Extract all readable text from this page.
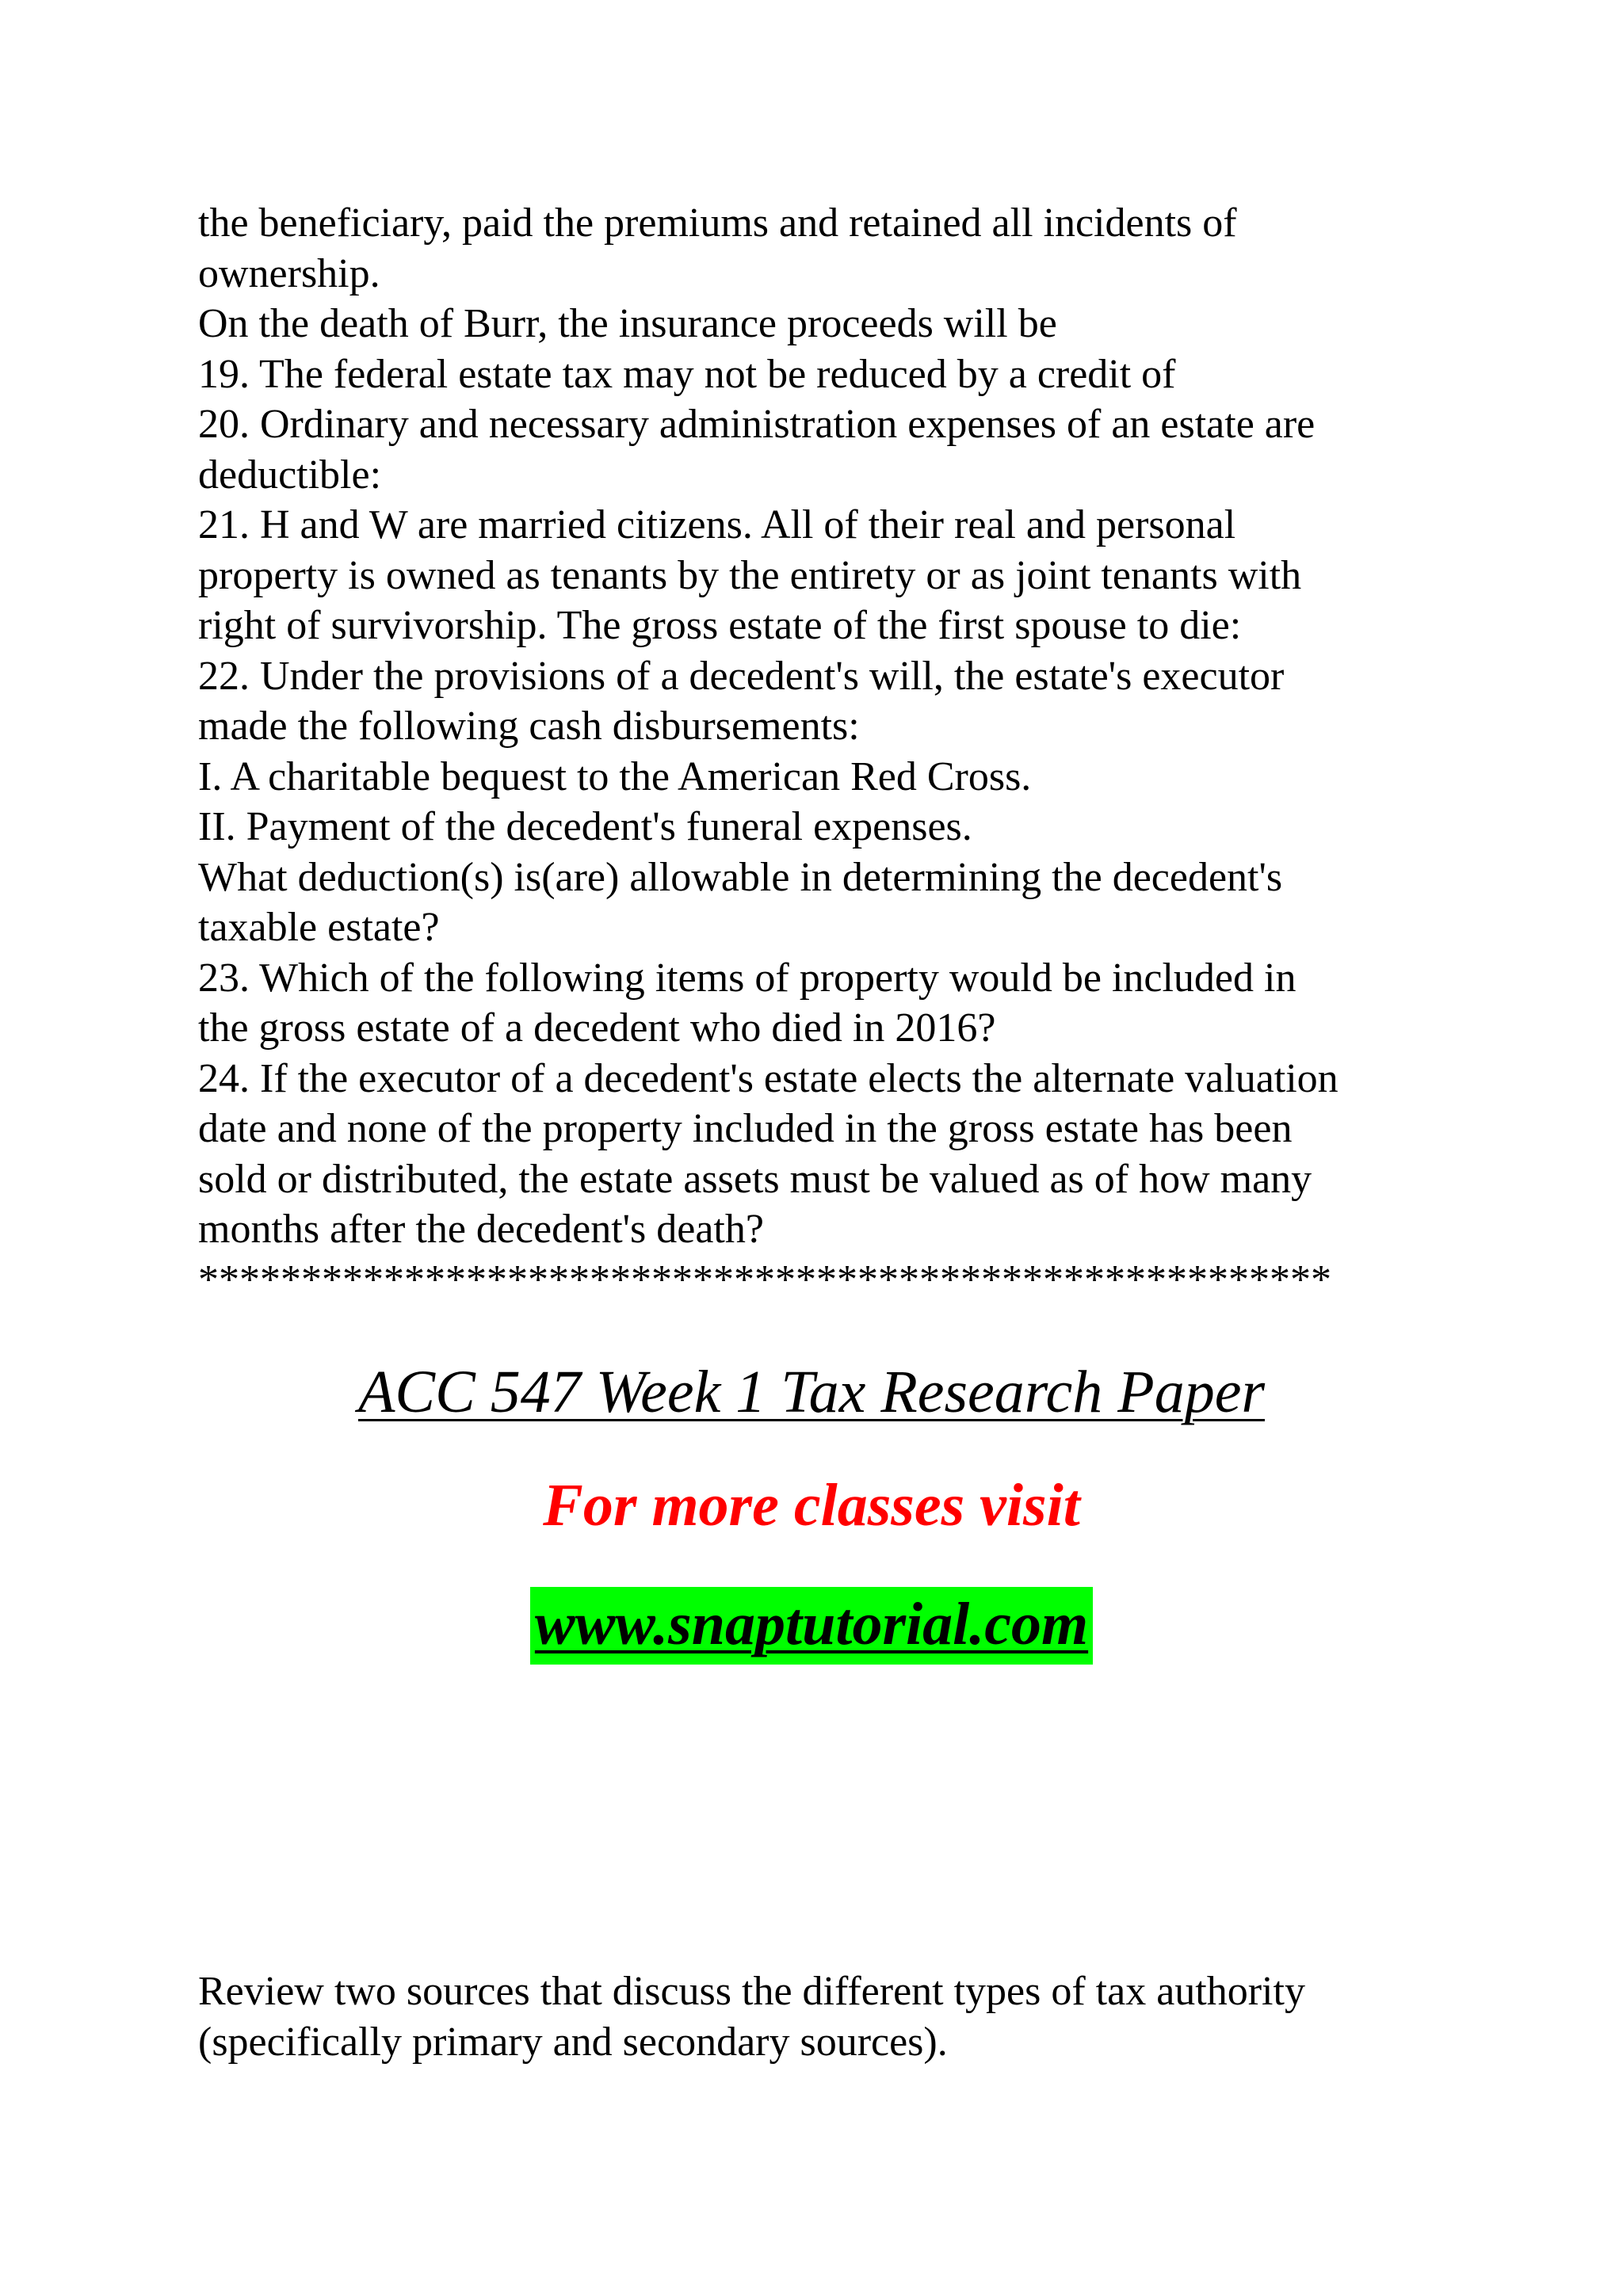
the beneficiary, paid the premiums and retained all incidents of
ownership.
On the death of Burr, the insurance proceeds will be
19. The federal estate tax may not be reduced by a credit of
20. Ordinary and necessary administration expenses of an estate are
deductible:
21. H and W are married citizens. All of their real and personal
property is owned as tenants by the entirety or as joint tenants with
right of survivorship. The gross estate of the first spouse to die:
22. Under the provisions of a decedent's will, the estate's executor
made the following cash disbursements:
I. A charitable bequest to the American Red Cross.
II. Payment of the decedent's funeral expenses.
What deduction(s) is(are) allowable in determining the decedent's
taxable estate?
23. Which of the following items of property would be included in
the gross estate of a decedent who died in 2016?
24. If the executor of a decedent's estate elects the alternate valuation
date and none of the property included in the gross estate has been
sold or distributed, the estate assets must be valued as of how many
months after the decedent's death?
*******************************************************
ACC 547 Week 1 Tax Research Paper
For more classes visit
www.snaptutorial.com
Review two sources that discuss the different types of tax authority
(specifically primary and secondary sources).
